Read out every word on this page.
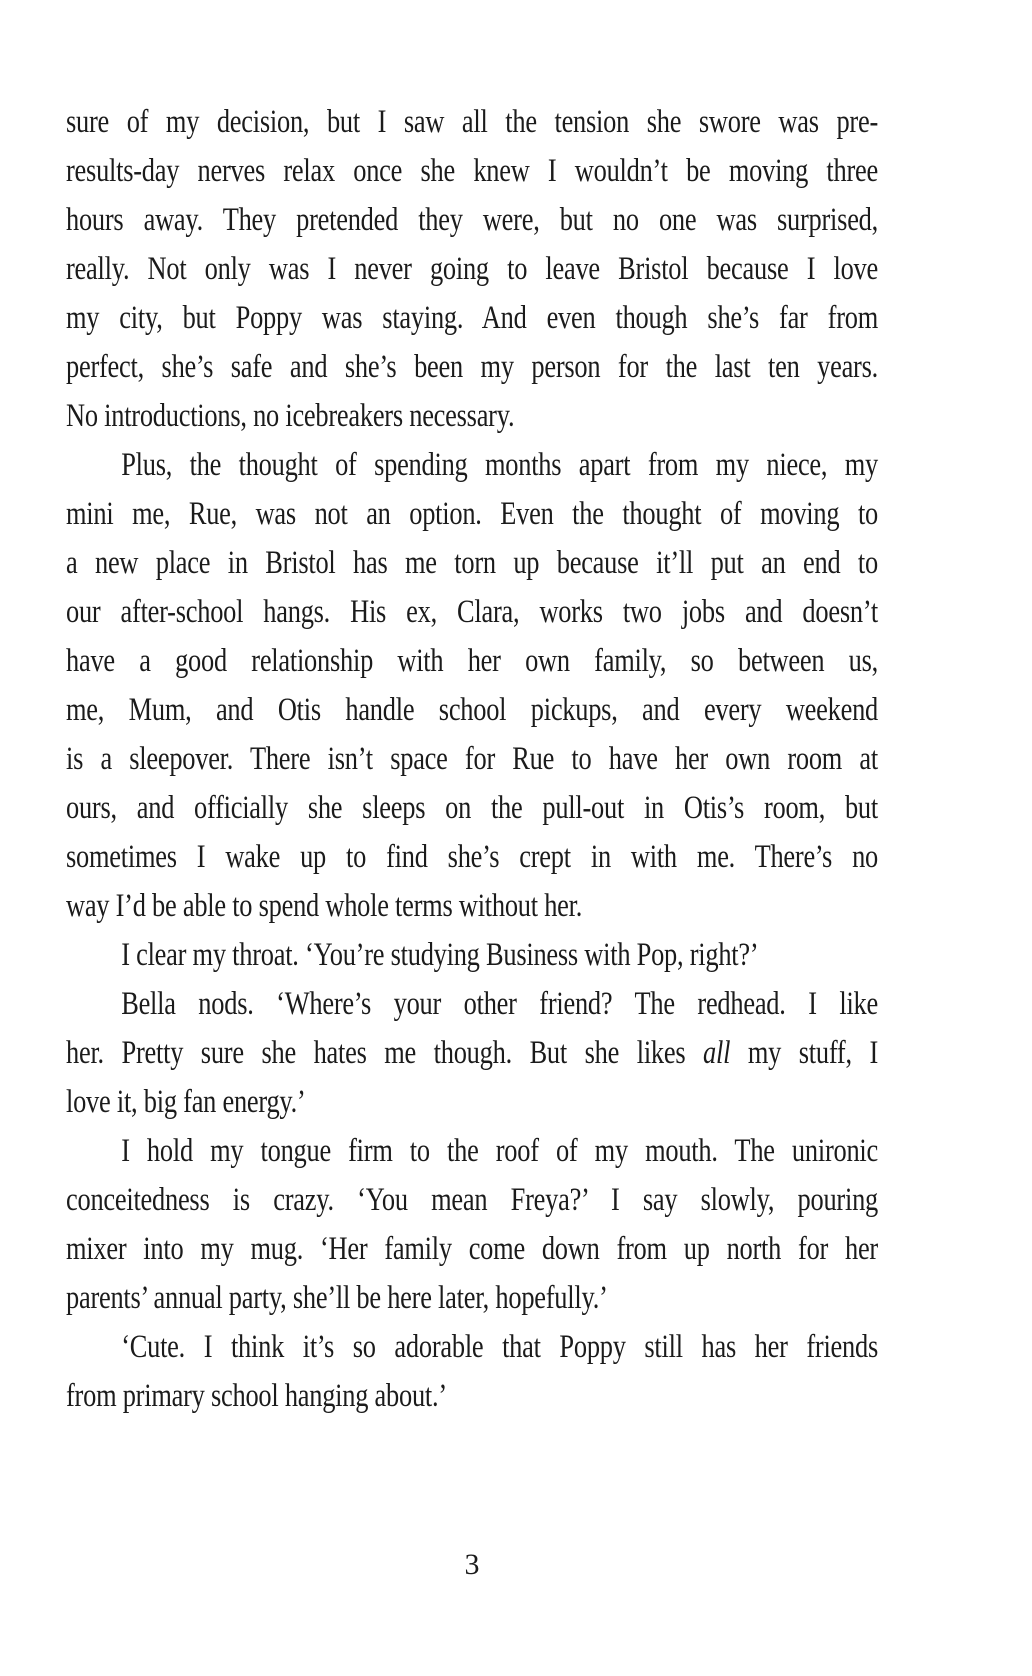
sure of my decision, but I saw all the tension she swore was pre-
results-day nerves relax once she knew I wouldn’t be moving three
hours away. They pretended they were, but no one was surprised,
really. Not only was I never going to leave Bristol because I love
my city, but Poppy was staying. And even though she’s far from
perfect, she’s safe and she’s been my person for the last ten years.
No introductions, no icebreakers necessary.
Plus, the thought of spending months apart from my niece, my
mini me, Rue, was not an option. Even the thought of moving to
a new place in Bristol has me torn up because it’ll put an end to
our after-school hangs. His ex, Clara, works two jobs and doesn’t
have a good relationship with her own family, so between us,
me, Mum, and Otis handle school pickups, and every weekend
is a sleepover. There isn’t space for Rue to have her own room at
ours, and officially she sleeps on the pull-out in Otis’s room, but
sometimes I wake up to find she’s crept in with me. There’s no
way I’d be able to spend whole terms without her.
I clear my throat. ‘You’re studying Business with Pop, right?’
Bella nods. ‘Where’s your other friend? The redhead. I like
her. Pretty sure she hates me though. But she likes all my stuff, I
love it, big fan energy.’
I hold my tongue firm to the roof of my mouth. The unironic
conceitedness is crazy. ‘You mean Freya?’ I say slowly, pouring
mixer into my mug. ‘Her family come down from up north for her
parents’ annual party, she’ll be here later, hopefully.’
‘Cute. I think it’s so adorable that Poppy still has her friends
from primary school hanging about.’
3
